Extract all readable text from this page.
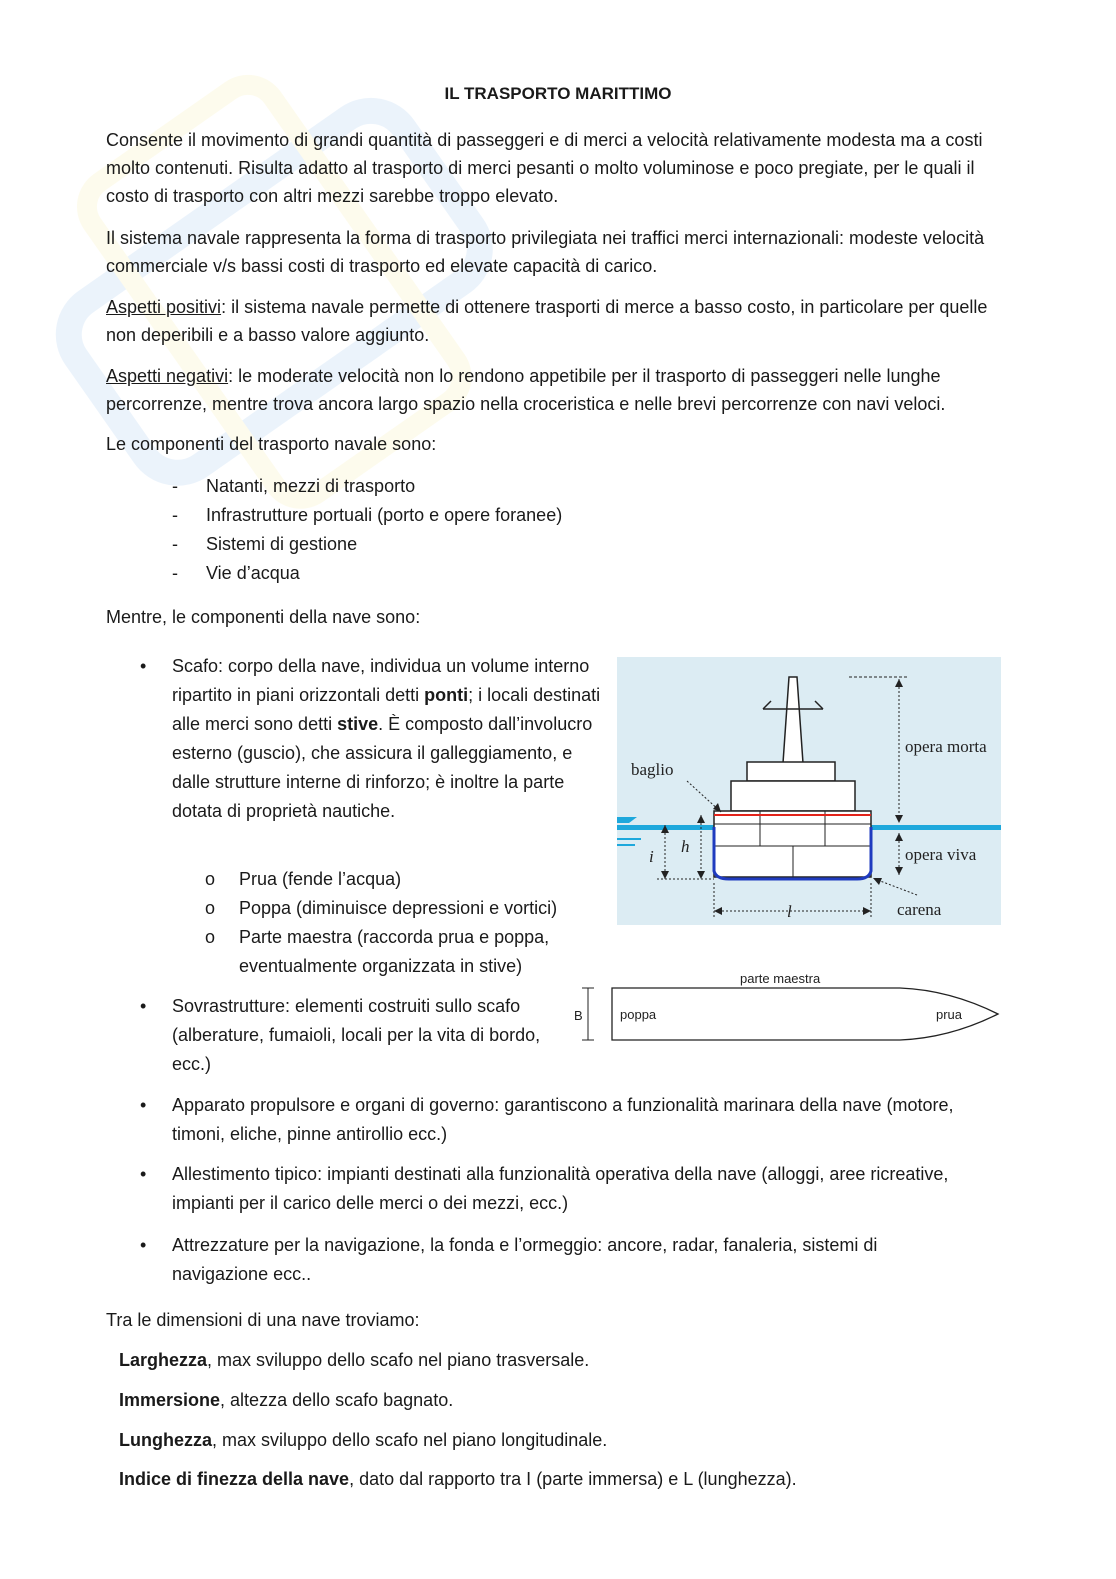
IL TRASPORTO MARITTIMO

Consente il movimento di grandi quantità di passeggeri e di merci a velocità relativamente modesta ma a costi molto contenuti. Risulta adatto al trasporto di merci pesanti o molto voluminose e poco pregiate, per le quali il costo di trasporto con altri mezzi sarebbe troppo elevato.

Il sistema navale rappresenta la forma di trasporto privilegiata nei traffici merci internazionali: modeste velocità commerciale v/s bassi costi di trasporto ed elevate capacità di carico.

Aspetti positivi: il sistema navale permette di ottenere trasporti di merce a basso costo, in particolare per quelle non deperibili e a basso valore aggiunto.

Aspetti negativi: le moderate velocità non lo rendono appetibile per il trasporto di passeggeri nelle lunghe percorrenze, mentre trova ancora largo spazio nella croceristica e nelle brevi percorrenze con navi veloci.

Le componenti del trasporto navale sono:

- Natanti, mezzi di trasporto
- Infrastrutture portuali (porto e opere foranee)
- Sistemi di gestione
- Vie d’acqua

Mentre, le componenti della nave sono:

• Scafo: corpo della nave, individua un volume interno ripartito in piani orizzontali detti ponti; i locali destinati alle merci sono detti stive. È composto dall’involucro esterno (guscio), che assicura il galleggiamento, e dalle strutture interne di rinforzo; è inoltre la parte dotata di proprietà nautiche.
o Prua (fende l’acqua)
o Poppa (diminuisce depressioni e vortici)
o Parte maestra (raccorda prua e poppa, eventualmente organizzata in stive)
• Sovrastrutture: elementi costruiti sullo scafo (alberature, fumaioli, locali per la vita di bordo, ecc.)
• Apparato propulsore e organi di governo: garantiscono a funzionalità marinara della nave (motore, timoni, eliche, pinne antirollio ecc.)
• Allestimento tipico: impianti destinati alla funzionalità operativa della nave (alloggi, aree ricreative, impianti per il carico delle merci o dei mezzi, ecc.)
• Attrezzature per la navigazione, la fonda e l’ormeggio: ancore, radar, fanaleria, sistemi di navigazione ecc..
baglio
opera morta
opera viva
carena
i
h
l
parte maestra
B	poppa	prua

Tra le dimensioni di una nave troviamo:

Larghezza, max sviluppo dello scafo nel piano trasversale.
Immersione, altezza dello scafo bagnato.
Lunghezza, max sviluppo dello scafo nel piano longitudinale.
Indice di finezza della nave, dato dal rapporto tra I (parte immersa) e L (lunghezza).
